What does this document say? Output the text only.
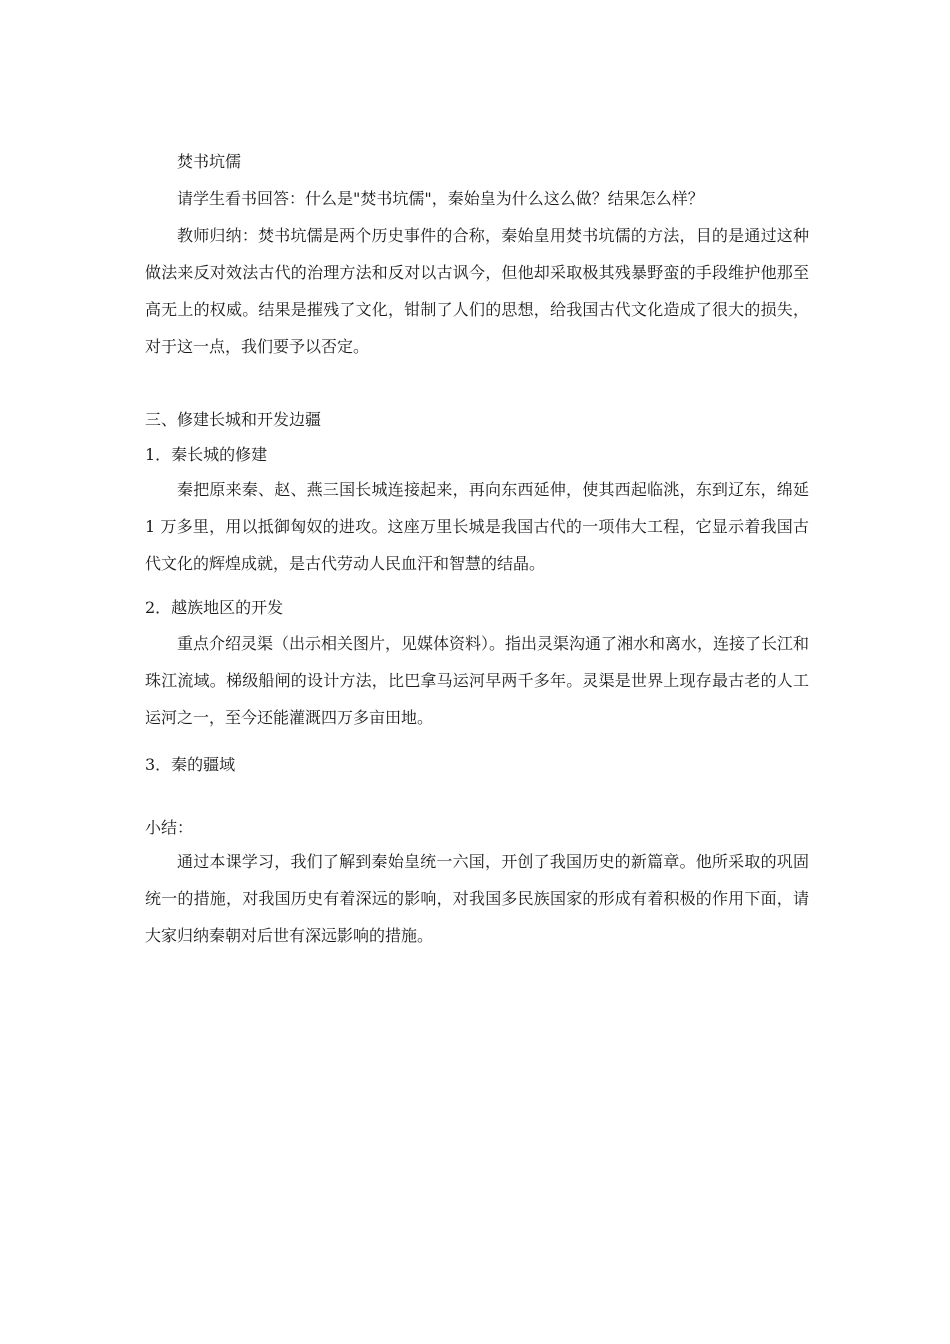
焚书坑儒
请学生看书回答：什么是"焚书坑儒"，秦始皇为什么这么做？结果怎么样？
教师归纳：焚书坑儒是两个历史事件的合称，秦始皇用焚书坑儒的方法，目的是通过这种做法来反对效法古代的治理方法和反对以古讽今，但他却采取极其残暴野蛮的手段维护他那至高无上的权威。结果是摧残了文化，钳制了人们的思想，给我国古代文化造成了很大的损失，对于这一点，我们要予以否定。
三、修建长城和开发边疆
1．秦长城的修建
秦把原来秦、赵、燕三国长城连接起来，再向东西延伸，使其西起临洮，东到辽东，绵延 1 万多里，用以抵御匈奴的进攻。这座万里长城是我国古代的一项伟大工程，它显示着我国古代文化的辉煌成就，是古代劳动人民血汗和智慧的结晶。
2．越族地区的开发
重点介绍灵渠（出示相关图片，见媒体资料）。指出灵渠沟通了湘水和离水，连接了长江和珠江流域。梯级船闸的设计方法，比巴拿马运河早两千多年。灵渠是世界上现存最古老的人工运河之一，至今还能灌溉四万多亩田地。
3．秦的疆域
小结：
通过本课学习，我们了解到秦始皇统一六国，开创了我国历史的新篇章。他所采取的巩固统一的措施，对我国历史有着深远的影响，对我国多民族国家的形成有着积极的作用下面，请大家归纳秦朝对后世有深远影响的措施。
